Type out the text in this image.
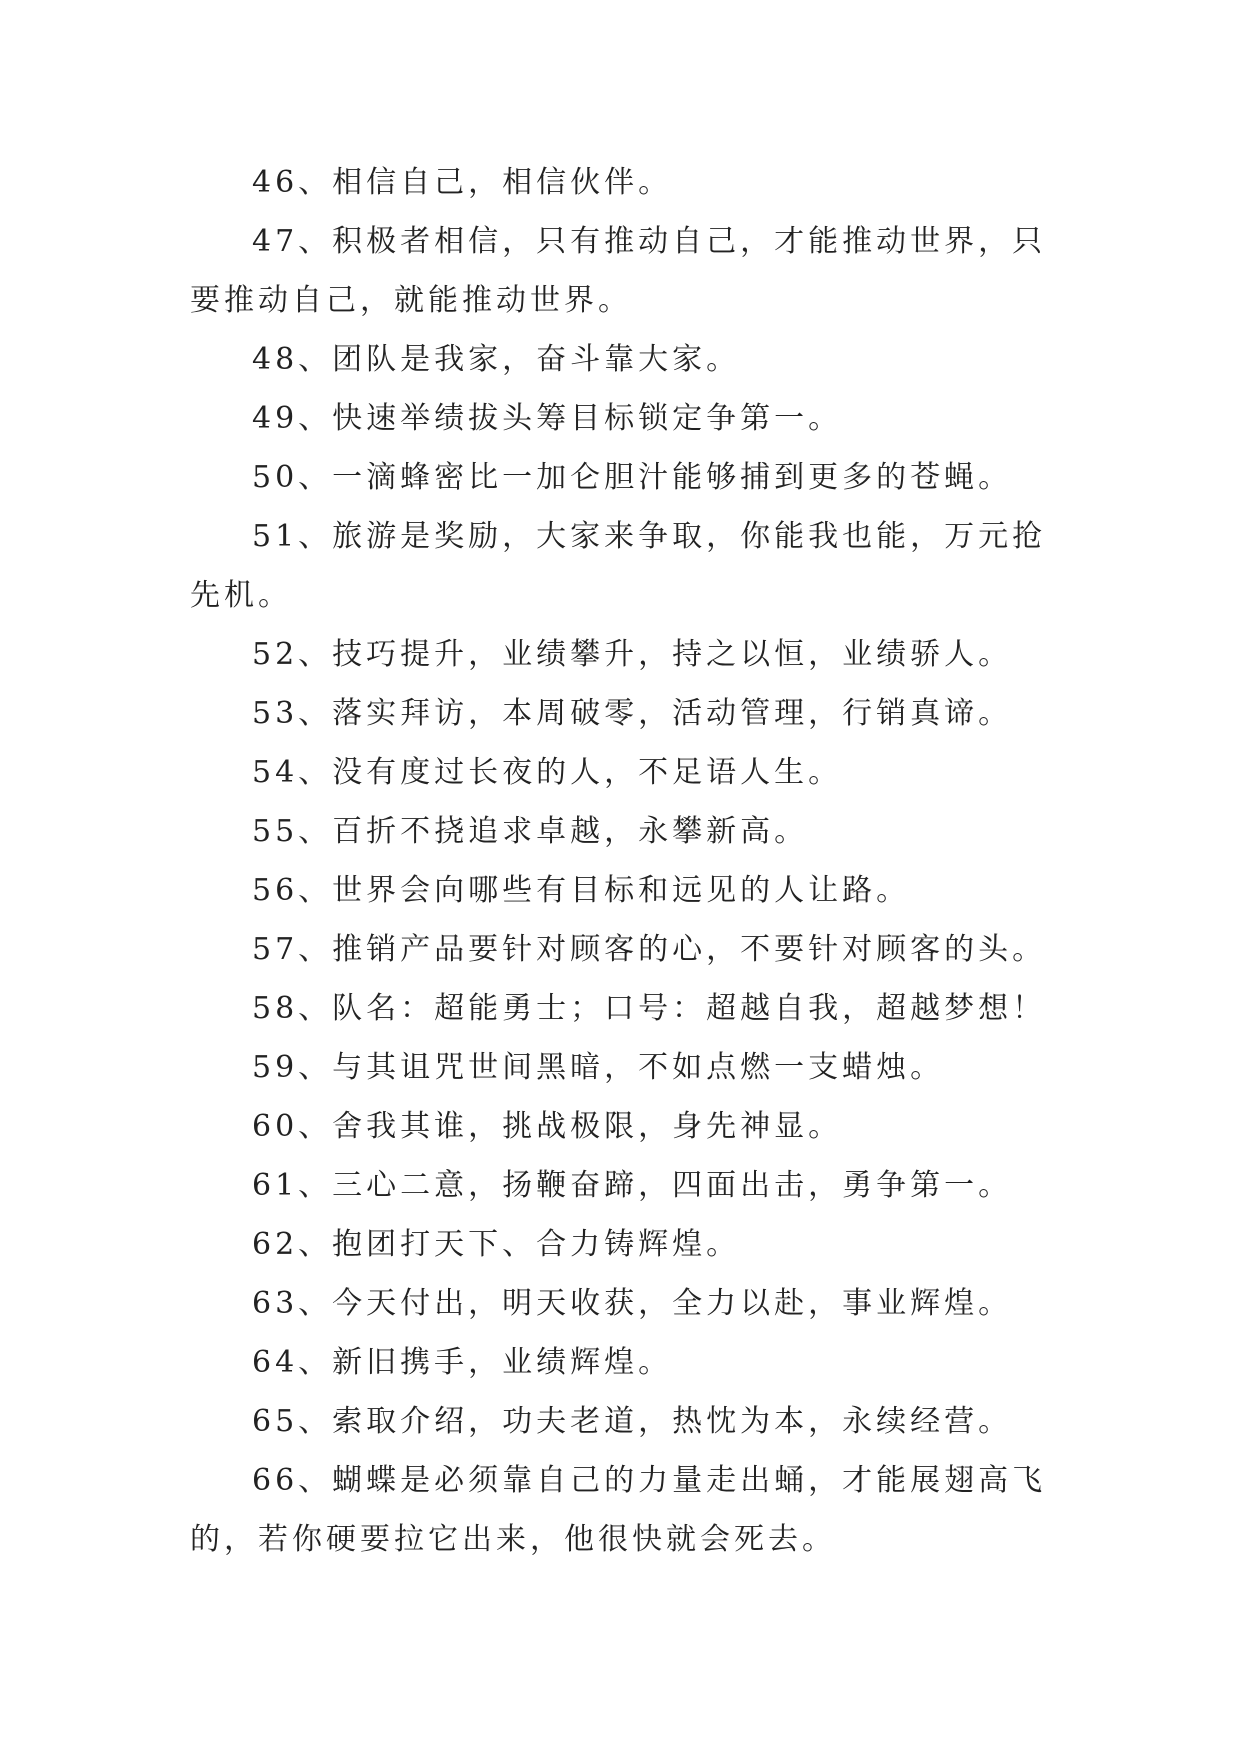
46、相信自己，相信伙伴。

47、积极者相信，只有推动自己，才能推动世界，只要推动自己，就能推动世界。

48、团队是我家，奋斗靠大家。

49、快速举绩拔头筹目标锁定争第一。

50、一滴蜂密比一加仑胆汁能够捕到更多的苍蝇。

51、旅游是奖励，大家来争取，你能我也能，万元抢先机。

52、技巧提升，业绩攀升，持之以恒，业绩骄人。

53、落实拜访，本周破零，活动管理，行销真谛。

54、没有度过长夜的人，不足语人生。

55、百折不挠追求卓越，永攀新高。

56、世界会向哪些有目标和远见的人让路。

57、推销产品要针对顾客的心，不要针对顾客的头。

58、队名：超能勇士；口号：超越自我，超越梦想！

59、与其诅咒世间黑暗，不如点燃一支蜡烛。

60、舍我其谁，挑战极限，身先神显。

61、三心二意，扬鞭奋蹄，四面出击，勇争第一。

62、抱团打天下、合力铸辉煌。

63、今天付出，明天收获，全力以赴，事业辉煌。

64、新旧携手，业绩辉煌。

65、索取介绍，功夫老道，热忱为本，永续经营。

66、蝴蝶是必须靠自己的力量走出蛹，才能展翅高飞的，若你硬要拉它出来，他很快就会死去。
